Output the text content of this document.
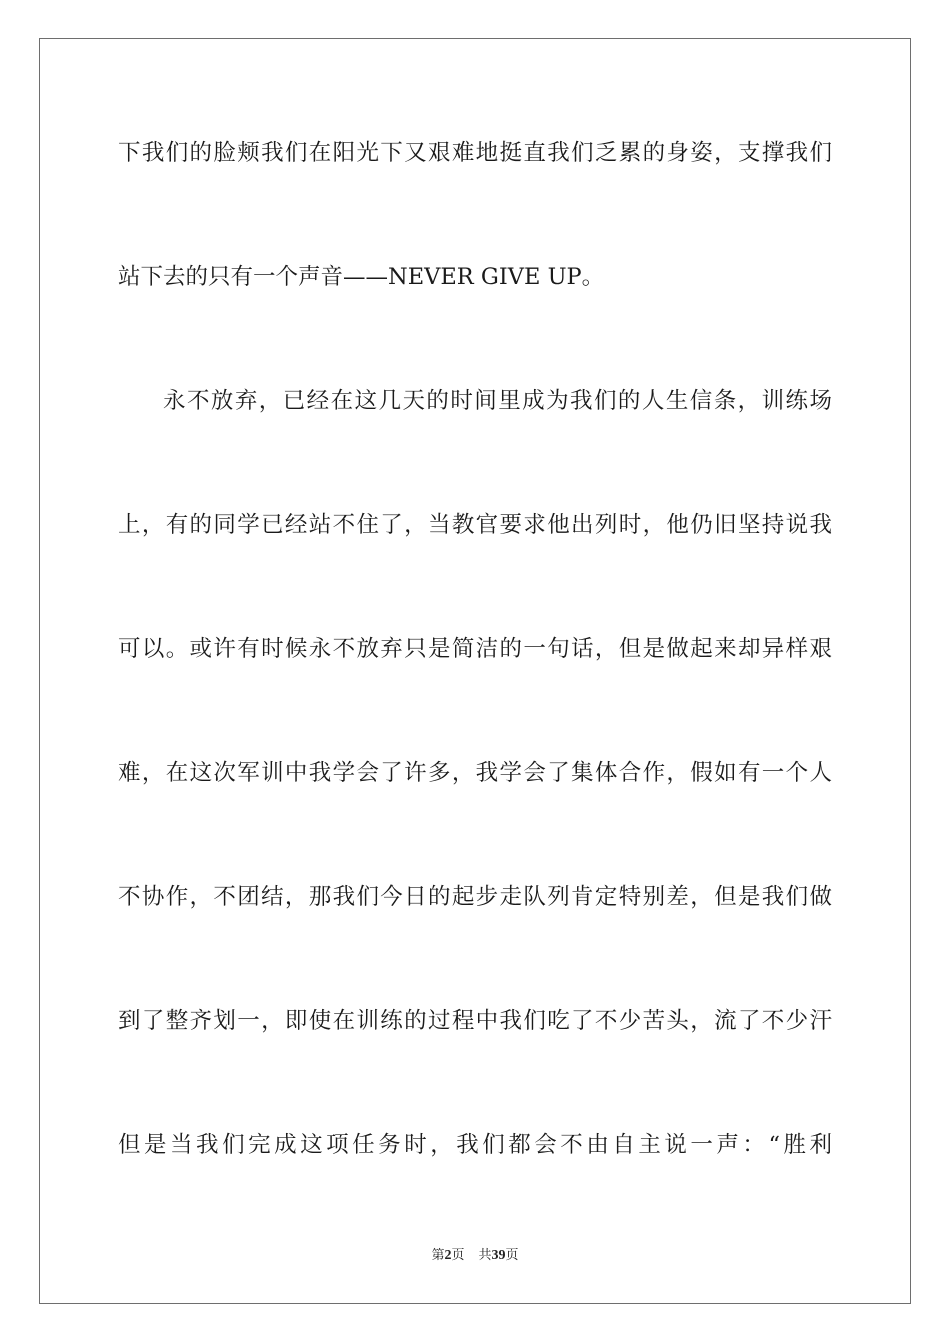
下我们的脸颊我们在阳光下又艰难地挺直我们乏累的身姿，支撑我们
站下去的只有一个声音——NEVER GIVE UP。
永不放弃，已经在这几天的时间里成为我们的人生信条，训练场
上，有的同学已经站不住了，当教官要求他出列时，他仍旧坚持说我
可以。或许有时候永不放弃只是简洁的一句话，但是做起来却异样艰
难，在这次军训中我学会了许多，我学会了集体合作，假如有一个人
不协作，不团结，那我们今日的起步走队列肯定特别差，但是我们做
到了整齐划一，即使在训练的过程中我们吃了不少苦头，流了不少汗
但是当我们完成这项任务时，我们都会不由自主说一声：“胜利
第2页 共39页
